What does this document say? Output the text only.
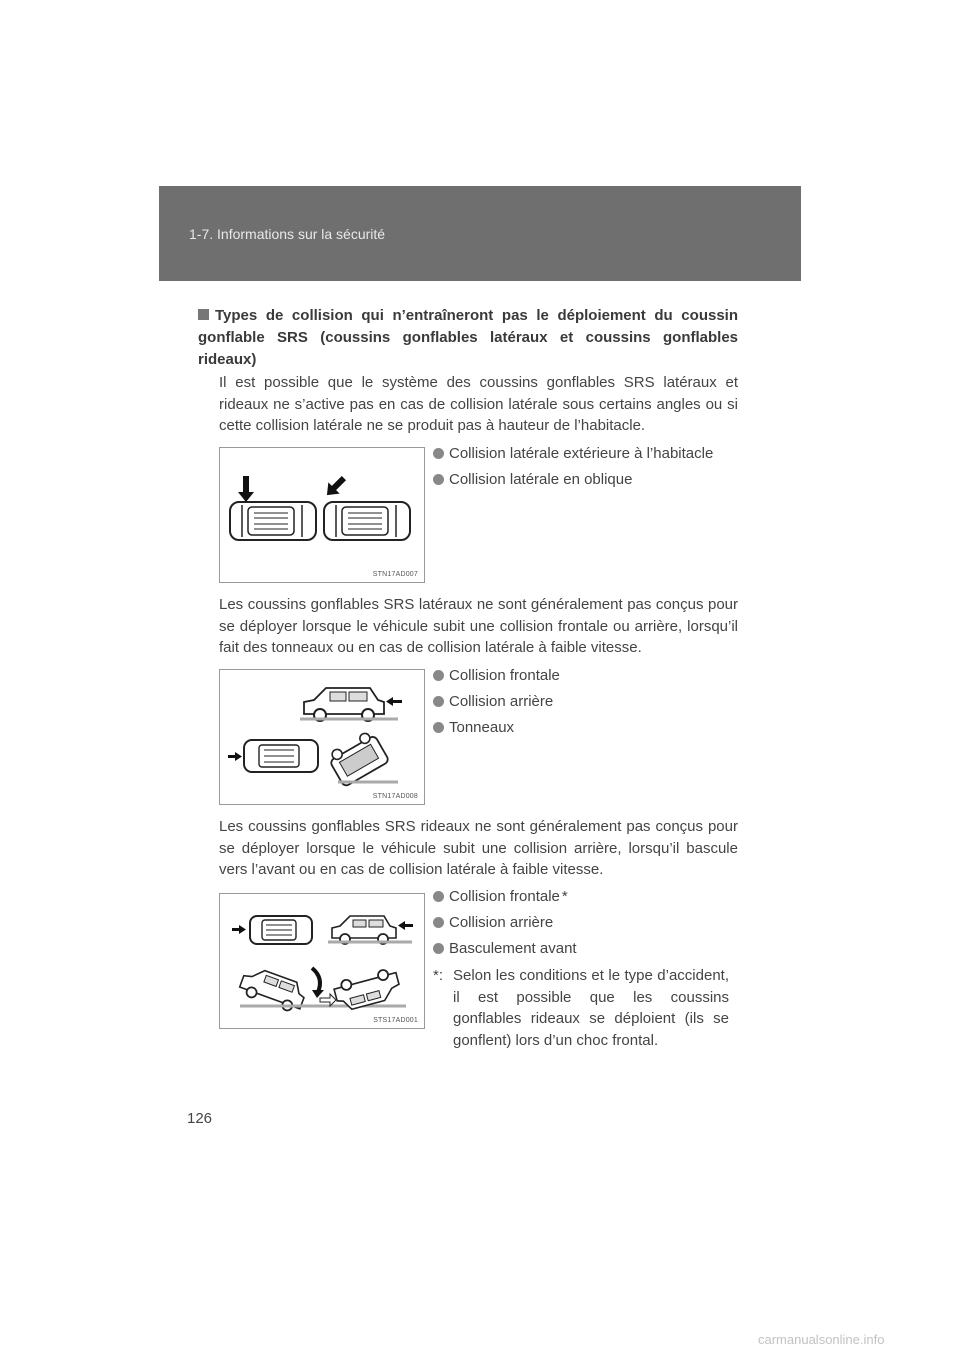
1-7. Informations sur la sécurité
Types de collision qui n’entraîneront pas le déploiement du coussin gonflable SRS (coussins gonflables latéraux et coussins gonflables rideaux)
Il est possible que le système des coussins gonflables SRS latéraux et rideaux ne s’active pas en cas de collision latérale sous certains angles ou si cette collision latérale ne se produit pas à hauteur de l’habitacle.
STN17AD007
Collision latérale extérieure à l’habitacle
Collision latérale en oblique
Les coussins gonflables SRS latéraux ne sont généralement pas conçus pour se déployer lorsque le véhicule subit une collision frontale ou arrière, lorsqu’il fait des tonneaux ou en cas de collision latérale à faible vitesse.
STN17AD008
Collision frontale
Collision arrière
Tonneaux
Les coussins gonflables SRS rideaux ne sont généralement pas conçus pour se déployer lorsque le véhicule subit une collision arrière, lorsqu’il bascule vers l’avant ou en cas de collision latérale à faible vitesse.
STS17AD001
Collision frontale *
Collision arrière
Basculement avant
*: Selon les conditions et le type d’accident, il est possible que les coussins gonflables rideaux se déploient (ils se gonflent) lors d’un choc frontal.
126
carmanualsonline.info
